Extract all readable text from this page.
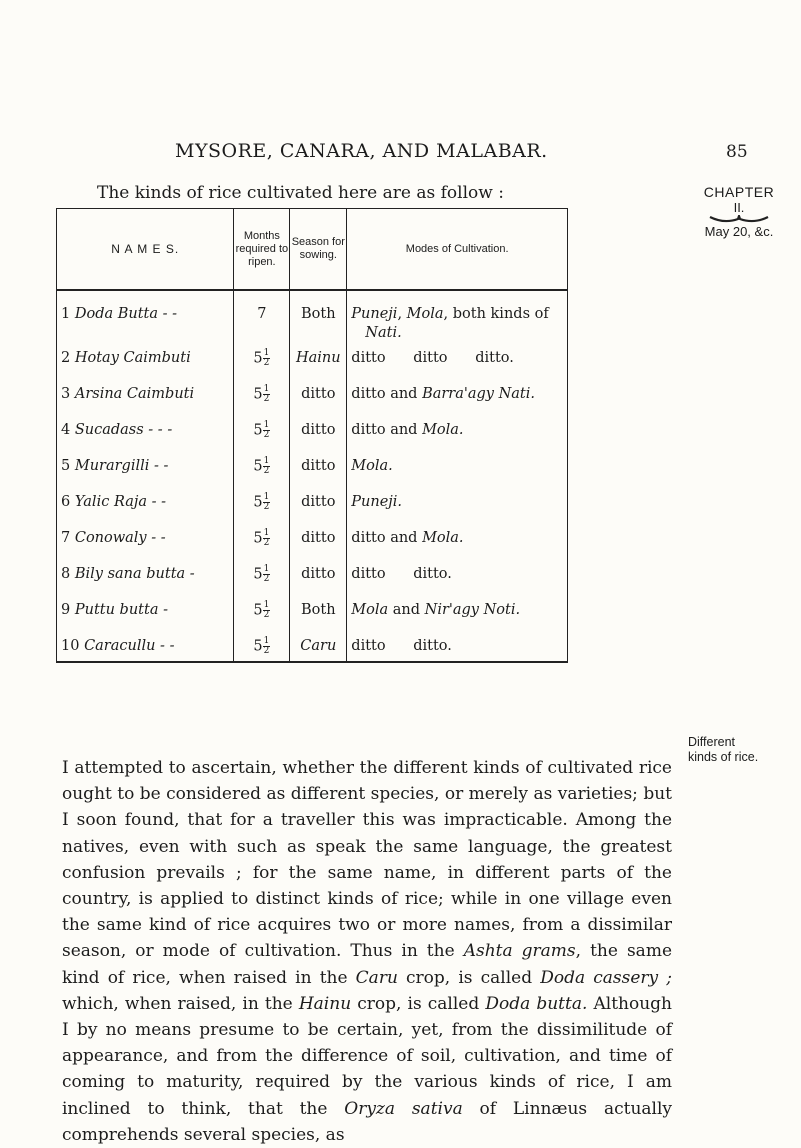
MYSORE, CANARA, AND MALABAR.	85
The kinds of rice cultivated here are as follow :	CHAPTER
II.
May 20, &c.
N A M E S.	Months required to ripen.	Season for sowing.	Modes of Cultivation.
1 Doda Butta - -	7	Both	Puneji, Mola, both kinds of
Nati.
2 Hotay Caimbuti	$5 \frac{1}{2}$	Hainu	ditto      ditto      ditto.
3 Arsina Caimbuti	$5 \frac{1}{2}$	ditto	ditto and Barra'agy Nati.
4 Sucadass - - -	$5 \frac{1}{2}$	ditto	ditto and Mola.
5 Murargilli - -	$5 \frac{1}{2}$	ditto	Mola.
6 Yalic Raja - -	$5 \frac{1}{2}$	ditto	Puneji.
7 Conowaly - -	$5 \frac{1}{2}$	ditto	ditto and Mola.
8 Bily sana butta -	$5 \frac{1}{2}$	ditto	ditto      ditto.
9 Puttu butta -	$5 \frac{1}{2}$	Both	Mola and Nir'agy Noti.
10 Caracullu - -	$5 \frac{1}{2}$	Caru	ditto      ditto.
Different
kinds of rice.

I attempted to ascertain, whether the different kinds of cultivated rice ought to be considered as different species, or merely as varieties; but I soon found, that for a traveller this was impracticable. Among the natives, even with such as speak the same language, the greatest confusion prevails ; for the same name, in different parts of the country, is applied to distinct kinds of rice; while in one village even the same kind of rice acquires two or more names, from a dissimilar season, or mode of cultivation. Thus in the Ashta grams, the same kind of rice, when raised in the Caru crop, is called Doda cassery ; which, when raised, in the Hainu crop, is called Doda butta. Although I by no means presume to be certain, yet, from the dissimilitude of appearance, and from the difference of soil, cultivation, and time of coming to maturity, required by the various kinds of rice, I am inclined to think, that the Oryza sativa of Linnæus actually comprehends several species, as
